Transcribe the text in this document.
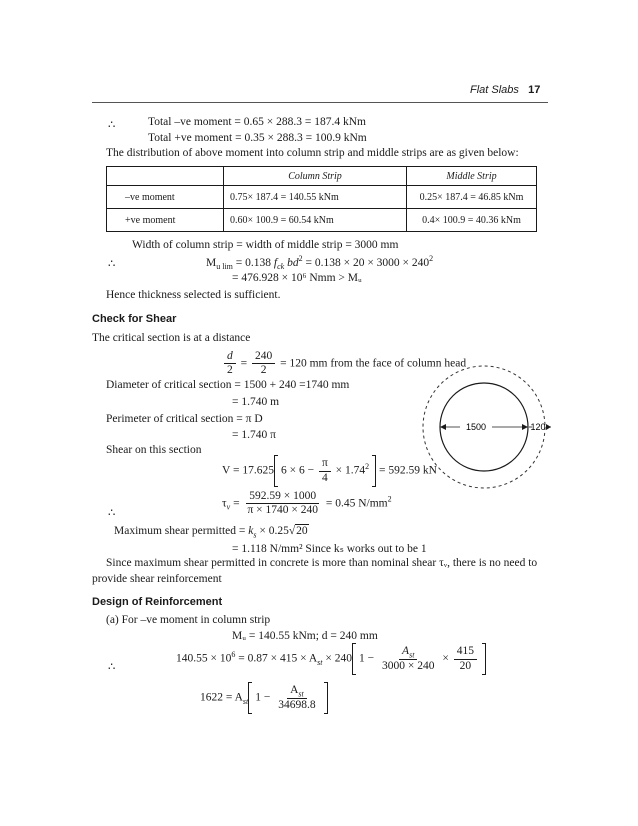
Flat Slabs 17
∴	Total –ve moment = 0.65 × 288.3 = 187.4 kNm
Total +ve moment = 0.35 × 288.3 = 100.9 kNm
The distribution of above moment into column strip and middle strips are as given below:
	Column Strip	Middle Strip
–ve moment	0.75× 187.4 = 140.55 kNm	0.25× 187.4 = 46.85 kNm
+ve moment	0.60× 100.9 = 60.54 kNm	0.4× 100.9 = 40.36 kNm
Width of column strip = width of middle strip = 3000 mm
∴	$M_{u lim} = 0.138$ $f_{ck}$ $bd^2 = 0.138 \times 20 \times 3000 \times 240^2$
= 476.928 × 10⁶ Nmm > Mᵤ
Hence thickness selected is sufficient.
Check for Shear
The critical section is at a distance
$\frac{d}{2} = \frac{240}{2} = 120$ mm from the face of column head
Diameter of critical section = 1500 + 240 =1740 mm
= 1.740 m
Perimeter of critical section = π D
= 1.740 π
Shear on this section
1500	120
V = 17.625 $6 \times 6 - \frac{\pi}{4} \times 1.74^2 = 592.59$ kN
∴
$\tau_v = \frac{592.59 \times 1000}{\pi \times 1740 \times 240} = 0.45$ $N/mm^2$
Maximum shear permitted = $k_s \times 0.25√20$
= 1.118 N/mm² Since kₛ works out to be 1
Since maximum shear permitted in concrete is more than nominal shear τᵥ, there is no need to
provide shear reinforcement
Design of Reinforcement
(a) For –ve moment in column strip
Mᵤ = 140.55 kNm; d = 240 mm
∴
$140.55 \times 10^6 = 0.87 \times 415 \times A_{st} \times 240$ $1 - \frac{A_{st}}{3000 \times 240} \times \frac{415}{20}$
$1622 = A_{st}$ $1 - \frac{A_{st}}{34698.8}$
